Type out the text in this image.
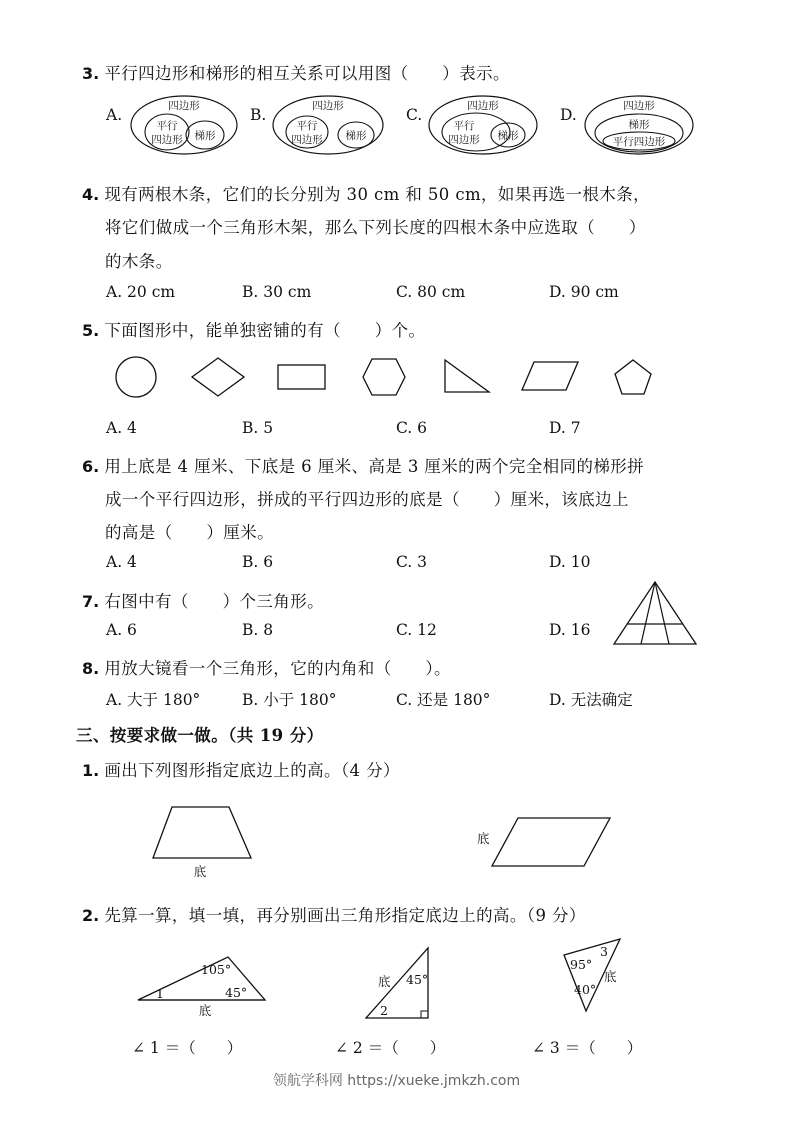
3. 平行四边形和梯形的相互关系可以用图（　　）表示。
A.	四边形
平行
四边形 梯形
B.	四边形
平行
四边形 梯形
C.	四边形
平行
四边形 梯形
D.	四边形
梯形
平行四边形
4. 现有两根木条，它们的长分别为 30 cm 和 50 cm，如果再选一根木条，
将它们做成一个三角形木架，那么下列长度的四根木条中应选取（　　）
的木条。
A. 20 cm	B. 30 cm	C. 80 cm	D. 90 cm
5. 下面图形中，能单独密铺的有（　　）个。
A. 4	B. 5	C. 6	D. 7
6. 用上底是 4 厘米、下底是 6 厘米、高是 3 厘米的两个完全相同的梯形拼
成一个平行四边形，拼成的平行四边形的底是（　　）厘米，该底边上
的高是（　　）厘米。
A. 4	B. 6	C. 3	D. 10
7. 右图中有（　　）个三角形。
A. 6	B. 8	C. 12	D. 16
8. 用放大镜看一个三角形，它的内角和（　　）。
A. 大于 180°	B. 小于 180°	C. 还是 180°	D. 无法确定
三、按要求做一做。（共 19 分）
1. 画出下列图形指定底边上的高。（4 分）
底
底
2. 先算一算，填一填，再分别画出三角形指定底边上的高。（9 分）
105°
45°
1
底
底 45°
2
95°
3
40°
底
∠ 1 ＝（　　）	∠ 2 ＝（　　）	∠ 3 ＝（　　）
领航学科网 https://xueke.jmkzh.com
